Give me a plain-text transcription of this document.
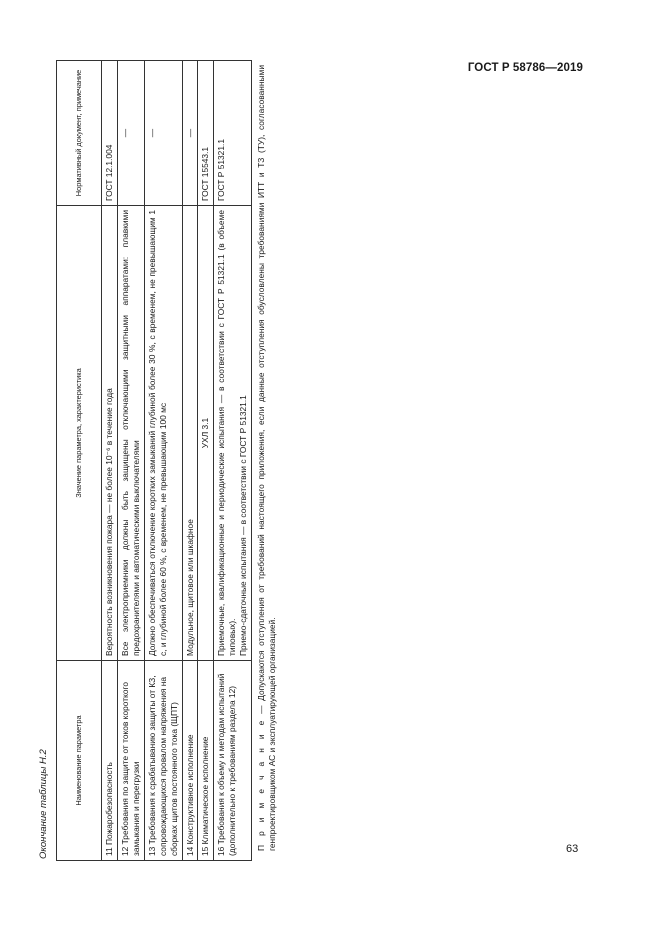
ГОСТ Р 58786—2019
Окончание таблицы Н.2	Наименование параметра	Значение параметра, характеристика	Нормативный документ, примечание
11 Пожаробезопасность	Вероятность возникновения пожара — не более 10⁻⁶ в течение года	ГОСТ 12.1.004
12 Требования по защите от токов короткого замыкания и перегрузки	Все электроприемники должны быть защищены отключающими защитными аппаратами: плавкими предохранителями и автоматическими выключателями	—
13 Требования к срабатыванию защиты от КЗ, сопровождающихся провалом напряжения на сборках щитов постоянного тока (ЩПТ)	Должно обеспечиваться отключение коротких замыканий глубиной более 30 %, с временем, не превышающим 1 с, и глубиной более 60 %, с временем, не превышающим 100 мс	—
14 Конструктивное исполнение	Модульное, щитовое или шкафное	—
15 Климатическое исполнение	УХЛ 3.1	ГОСТ 15543.1
16 Требования к объему и методам испытаний (дополнительно к требованиям раздела 12)	Приемочные, квалификационные и периодические испытания — в соответствии с ГОСТ Р 51321.1 (в объеме типовых). Приемо-сдаточные испытания — в соответствии с ГОСТ Р 51321.1	ГОСТ Р 51321.1
П р и м е ч а н и е — Допускаются отступления от требований настоящего приложения, если данные отступления обусловлены требованиями ИТТ и ТЗ (ТУ), согласованными генпроектировщиком АС и эксплуатирующей организацией.	63
